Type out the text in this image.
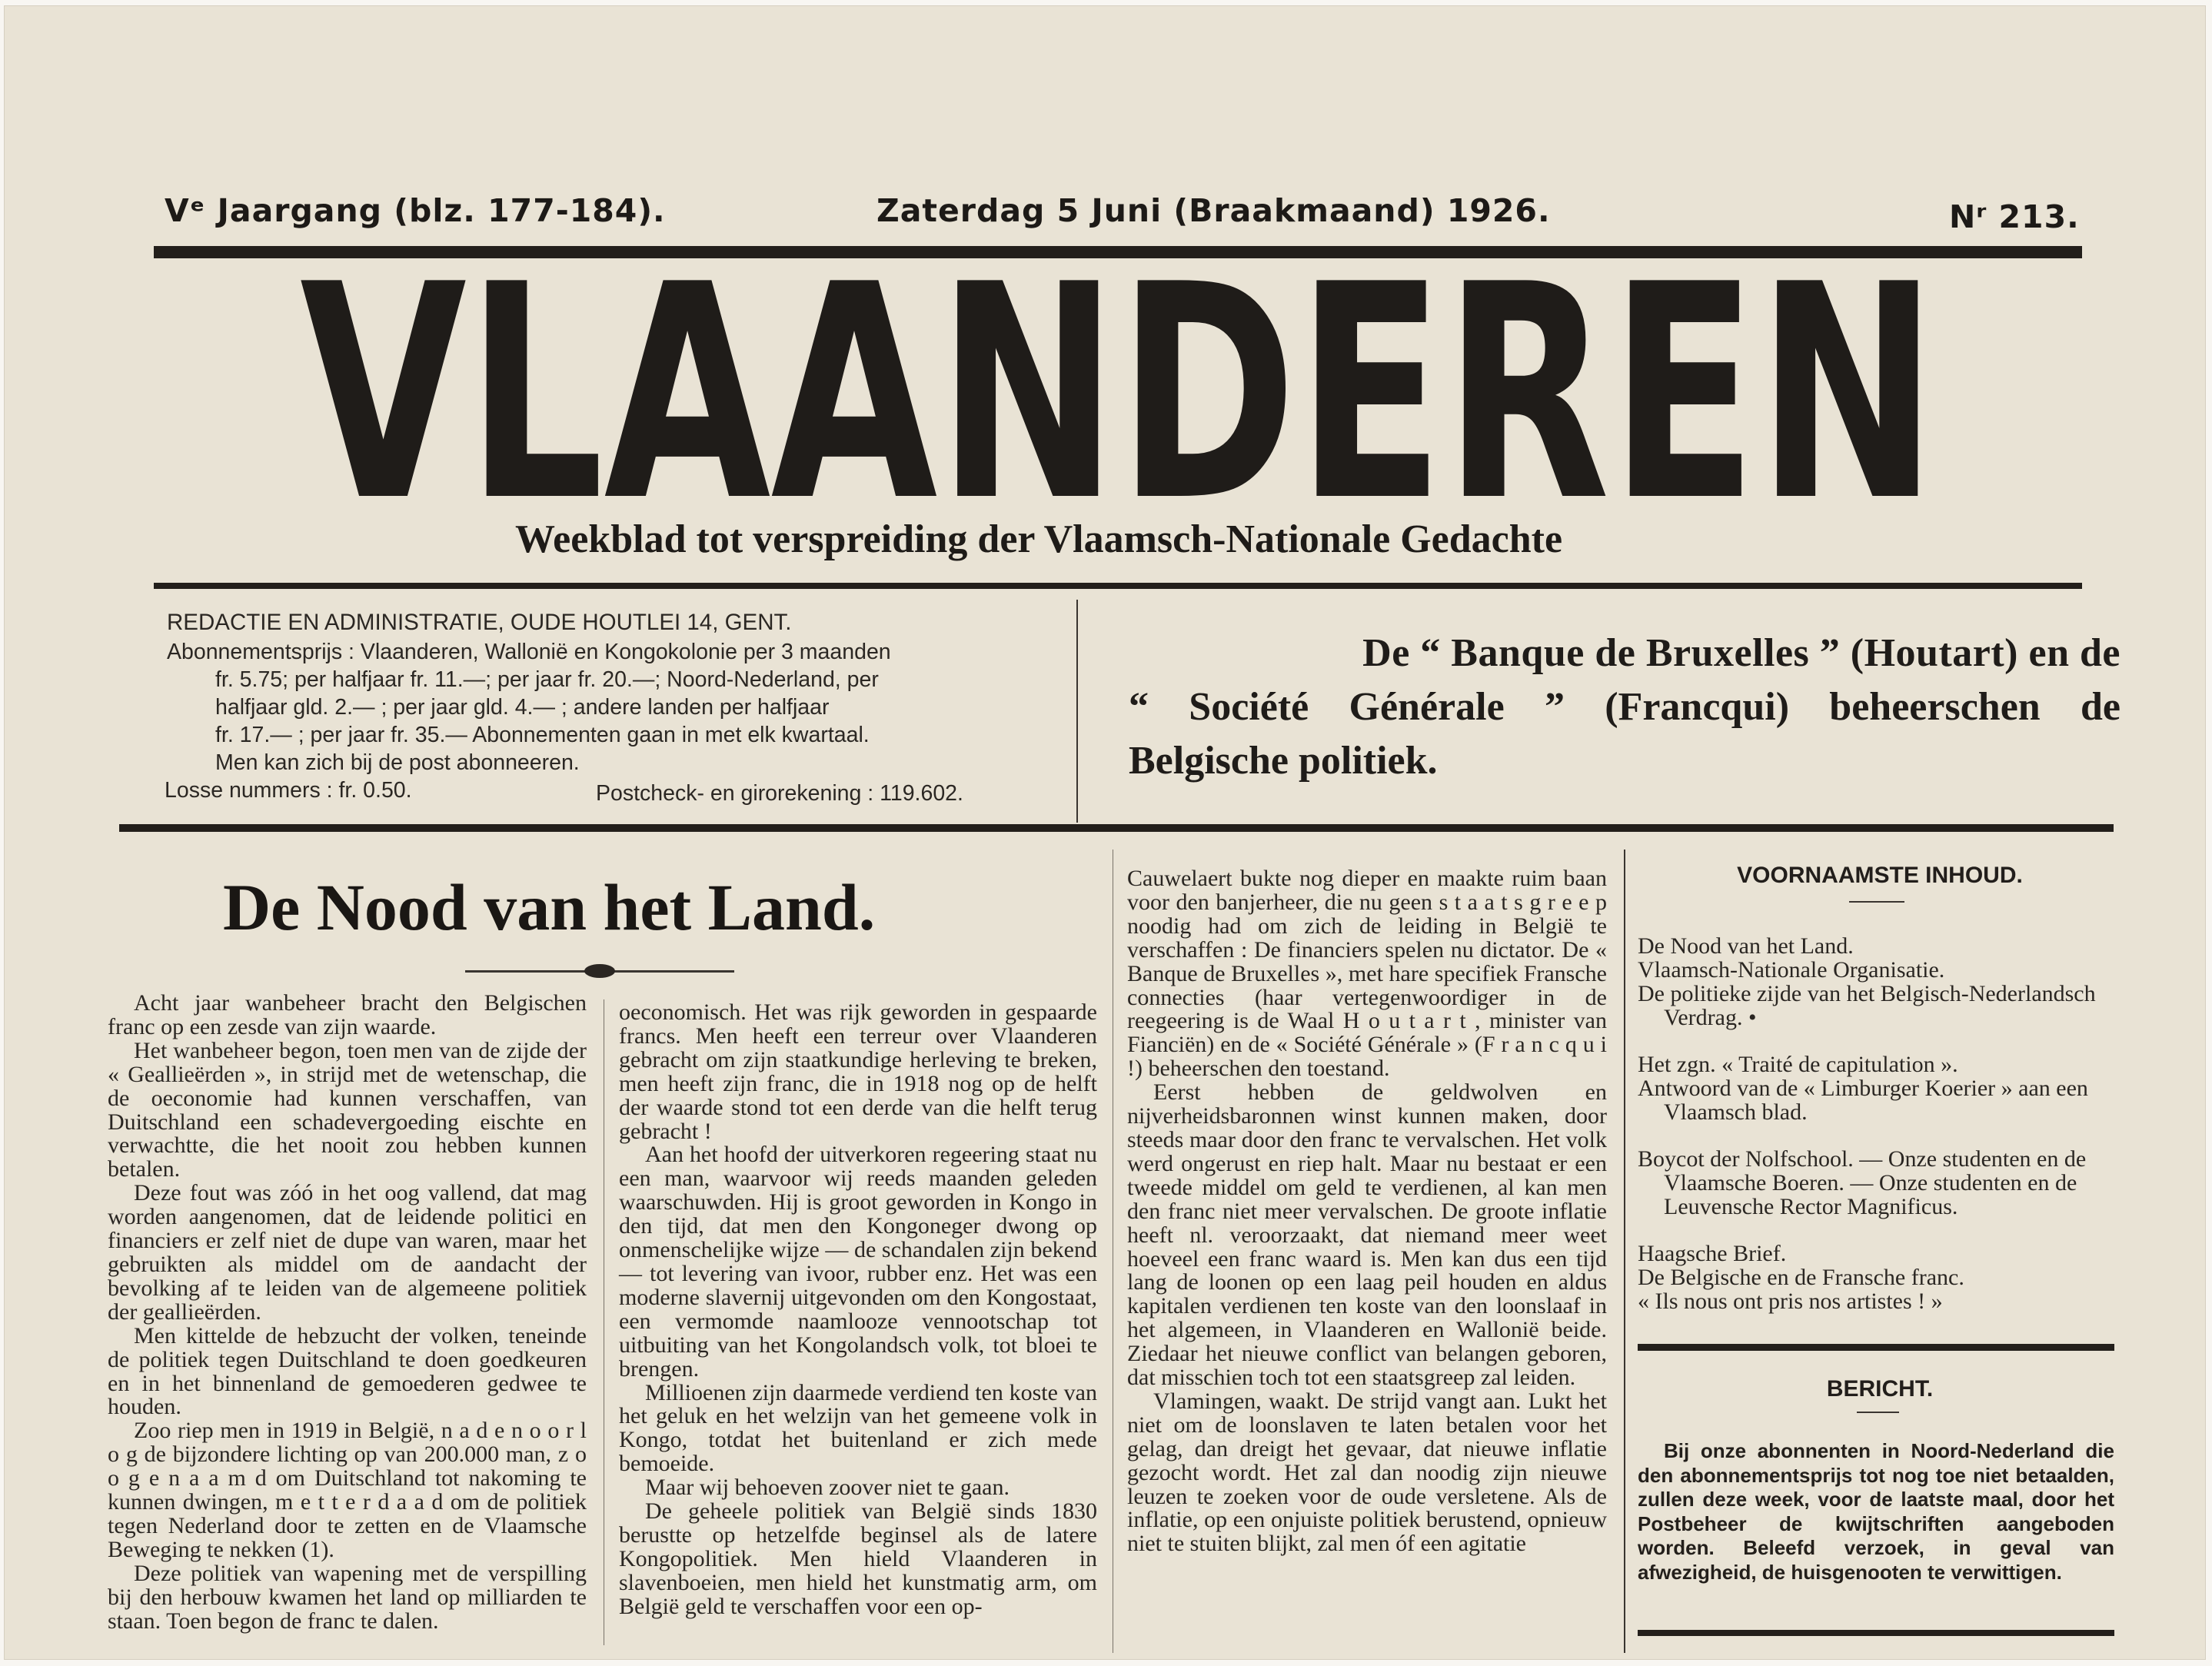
Vᵉ Jaargang (blz. 177-184).	Zaterdag 5 Juni (Braakmaand) 1926.	Nʳ 213.
VLAANDEREN
Weekblad tot verspreiding der Vlaamsch-Nationale Gedachte
REDACTIE EN ADMINISTRATIE, OUDE HOUTLEI 14, GENT.
Abonnementsprijs : Vlaanderen, Wallonië en Kongokolonie per 3 maanden
fr. 5.75; per halfjaar fr. 11.—; per jaar fr. 20.—; Noord-Nederland, per
halfjaar gld. 2.— ; per jaar gld. 4.— ; andere landen per halfjaar
fr. 17.— ; per jaar fr. 35.— Abonnementen gaan in met elk kwartaal.
Men kan zich bij de post abonneeren.
Losse nummers : fr. 0.50.	Postcheck- en girorekening : 119.602.
De “ Banque de Bruxelles ” (Houtart) en de
“ Société Générale ” (Francqui) beheerschen de
Belgische politiek.
De Nood van het Land.

Acht jaar wanbeheer bracht den Belgischen franc op een zesde van zijn waarde.

Het wanbeheer begon, toen men van de zijde der « Geallieërden », in strijd met de wetenschap, die de oeconomie had kunnen verschaffen, van Duitschland een schadevergoeding eischte en verwachtte, die het nooit zou hebben kunnen betalen.

Deze fout was zóó in het oog vallend, dat mag worden aangenomen, dat de leidende politici en financiers er zelf niet de dupe van waren, maar het gebruikten als middel om de aandacht der bevolking af te leiden van de algemeene politiek der geallieërden.

Men kittelde de hebzucht der volken, teneinde de politiek tegen Duitschland te doen goedkeuren en in het binnenland de gemoederen gedwee te houden.

Zoo riep men in 1919 in België, n a d e n o o r l o g de bijzondere lichting op van 200.000 man, z o o g e n a a m d om Duitschland tot nakoming te kunnen dwingen, m e t t e r d a a d om de politiek tegen Nederland door te zetten en de Vlaamsche Beweging te nekken (1).

Deze politiek van wapening met de verspilling bij den herbouw kwamen het land op milliarden te staan. Toen begon de franc te dalen.

oeconomisch. Het was rijk geworden in gespaarde francs. Men heeft een terreur over Vlaanderen gebracht om zijn staatkundige herleving te breken, men heeft zijn franc, die in 1918 nog op de helft der waarde stond tot een derde van die helft terug gebracht !

Aan het hoofd der uitverkoren regeering staat nu een man, waarvoor wij reeds maanden geleden waarschuwden. Hij is groot geworden in Kongo in den tijd, dat men den Kongoneger dwong op onmenschelijke wijze — de schandalen zijn bekend — tot levering van ivoor, rubber enz. Het was een moderne slavernij uitgevonden om den Kongostaat, een vermomde naamlooze vennootschap tot uitbuiting van het Kongolandsch volk, tot bloei te brengen.

Millioenen zijn daarmede verdiend ten koste van het geluk en het welzijn van het gemeene volk in Kongo, totdat het buitenland er zich mede bemoeide.

Maar wij behoeven zoover niet te gaan.

De geheele politiek van België sinds 1830 berustte op hetzelfde beginsel als de latere Kongopolitiek. Men hield Vlaanderen in slavenboeien, men hield het kunstmatig arm, om België geld te verschaffen voor een op-

Cauwelaert bukte nog dieper en maakte ruim baan voor den banjerheer, die nu geen s t a a t s g r e e p noodig had om zich de leiding in België te verschaffen : De financiers spelen nu dictator. De « Banque de Bruxelles », met hare specifiek Fransche connecties (haar vertegenwoordiger in de reegeering is de Waal H o u t a r t , minister van Fianciën) en de « Société Générale » (F r a n c q u i !) beheerschen den toestand.

Eerst hebben de geldwolven en nijverheidsbaronnen winst kunnen maken, door steeds maar door den franc te vervalschen. Het volk werd ongerust en riep halt. Maar nu bestaat er een tweede middel om geld te verdienen, al kan men den franc niet meer vervalschen. De groote inflatie heeft nl. veroorzaakt, dat niemand meer weet hoeveel een franc waard is. Men kan dus een tijd lang de loonen op een laag peil houden en aldus kapitalen verdienen ten koste van den loonslaaf in het algemeen, in Vlaanderen en Wallonië beide. Ziedaar het nieuwe conflict van belangen geboren, dat misschien toch tot een staatsgreep zal leiden.

Vlamingen, waakt. De strijd vangt aan. Lukt het niet om de loonslaven te laten betalen voor het gelag, dan dreigt het gevaar, dat nieuwe inflatie gezocht wordt. Het zal dan noodig zijn nieuwe leuzen te zoeken voor de oude versletene. Als de inflatie, op een onjuiste politiek berustend, opnieuw niet te stuiten blijkt, zal men óf een agitatie

VOORNAAMSTE INHOUD.
De Nood van het Land.
Vlaamsch-Nationale Organisatie.
De politieke zijde van het Belgisch-Nederlandsch Verdrag. •
Het zgn. « Traité de capitulation ».
Antwoord van de « Limburger Koerier » aan een Vlaamsch blad.
Boycot der Nolfschool. — Onze studenten en de Vlaamsche Boeren. — Onze studenten en de Leuvensche Rector Magnificus.
Haagsche Brief.
De Belgische en de Fransche franc.
« Ils nous ont pris nos artistes ! »
BERICHT.
Bij onze abonnenten in Noord-Nederland die den abonnementsprijs tot nog toe niet betaalden, zullen deze week, voor de laatste maal, door het Postbeheer de kwijtschriften aangeboden worden. Beleefd verzoek, in geval van afwezigheid, de huisgenooten te verwittigen.
